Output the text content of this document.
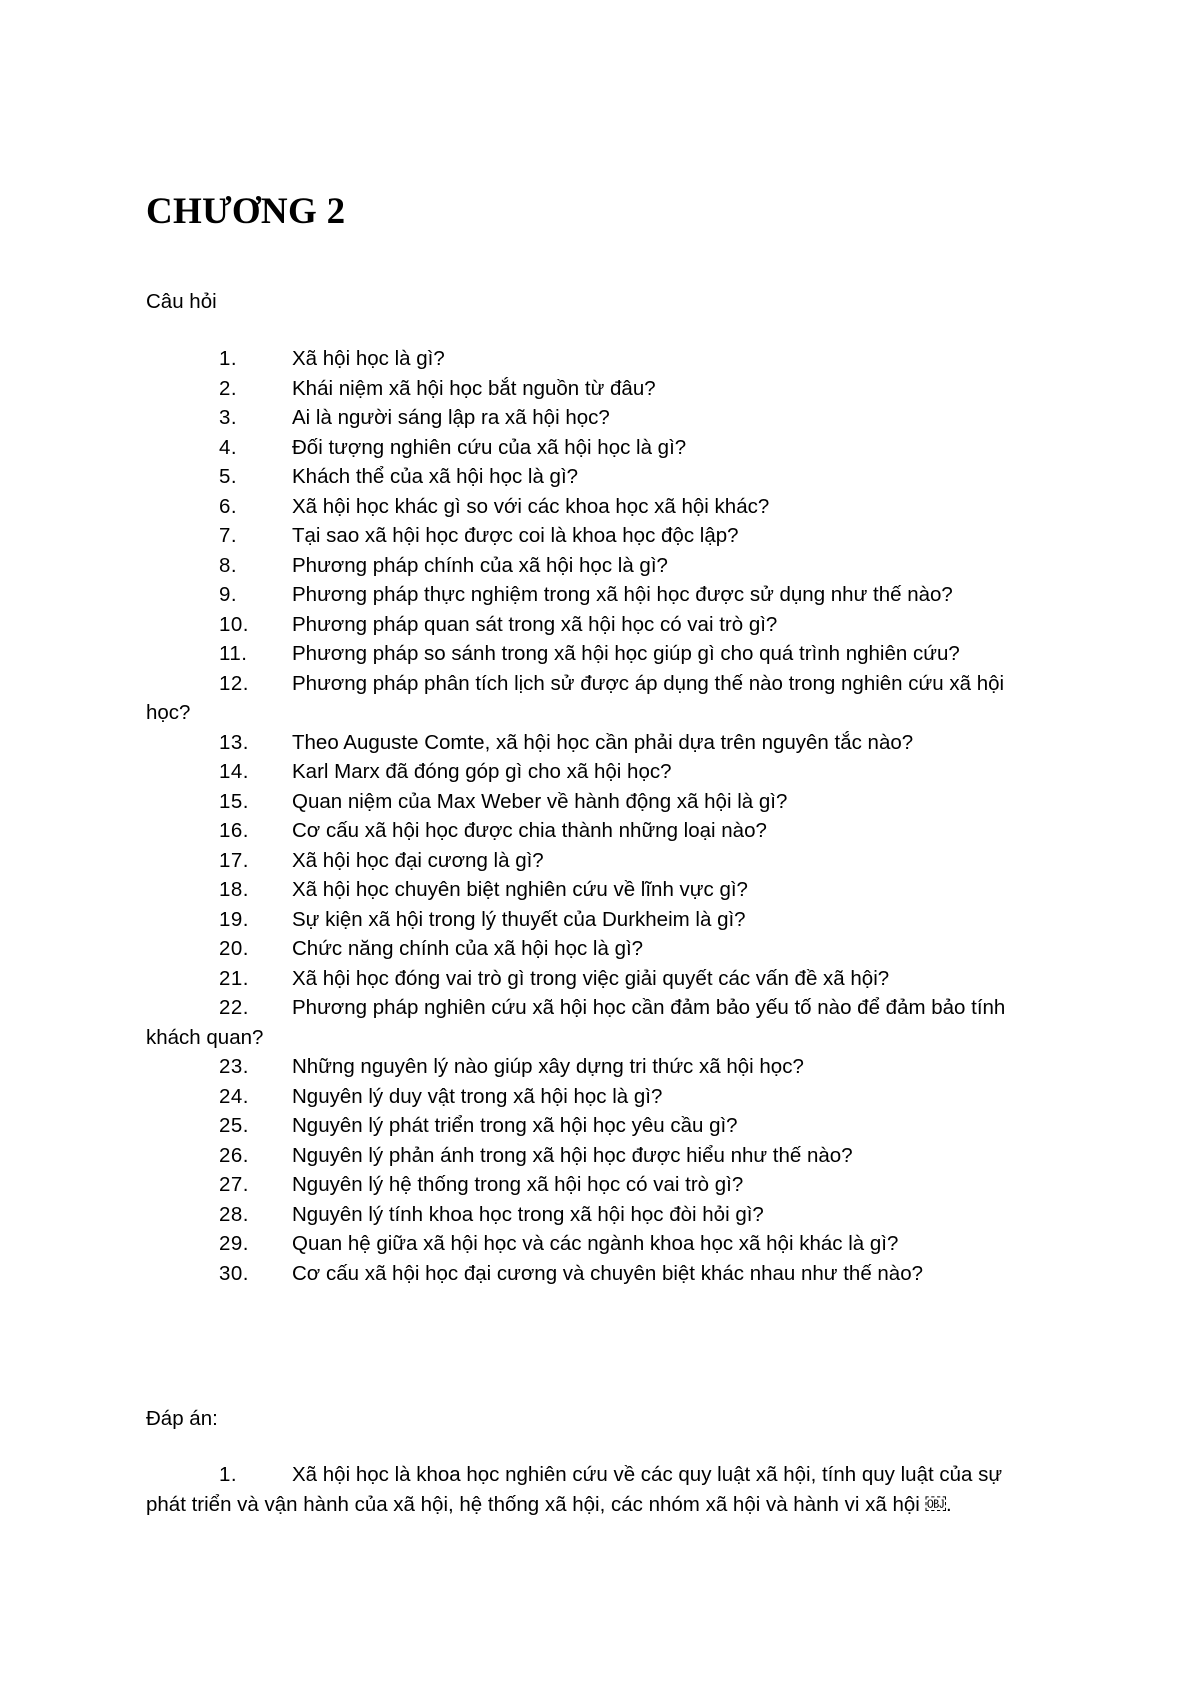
CHƯƠNG 2

Câu hỏi

1.	Xã hội học là gì?
2.	Khái niệm xã hội học bắt nguồn từ đâu?
3.	Ai là người sáng lập ra xã hội học?
4.	Đối tượng nghiên cứu của xã hội học là gì?
5.	Khách thể của xã hội học là gì?
6.	Xã hội học khác gì so với các khoa học xã hội khác?
7.	Tại sao xã hội học được coi là khoa học độc lập?
8.	Phương pháp chính của xã hội học là gì?
9.	Phương pháp thực nghiệm trong xã hội học được sử dụng như thế nào?
10. Phương pháp quan sát trong xã hội học có vai trò gì?
11. Phương pháp so sánh trong xã hội học giúp gì cho quá trình nghiên cứu?
12. Phương pháp phân tích lịch sử được áp dụng thế nào trong nghiên cứu xã hội học?
13. Theo Auguste Comte, xã hội học cần phải dựa trên nguyên tắc nào?
14. Karl Marx đã đóng góp gì cho xã hội học?
15. Quan niệm của Max Weber về hành động xã hội là gì?
16. Cơ cấu xã hội học được chia thành những loại nào?
17. Xã hội học đại cương là gì?
18. Xã hội học chuyên biệt nghiên cứu về lĩnh vực gì?
19. Sự kiện xã hội trong lý thuyết của Durkheim là gì?
20. Chức năng chính của xã hội học là gì?
21. Xã hội học đóng vai trò gì trong việc giải quyết các vấn đề xã hội?
22. Phương pháp nghiên cứu xã hội học cần đảm bảo yếu tố nào để đảm bảo tính khách quan?
23. Những nguyên lý nào giúp xây dựng tri thức xã hội học?
24. Nguyên lý duy vật trong xã hội học là gì?
25. Nguyên lý phát triển trong xã hội học yêu cầu gì?
26. Nguyên lý phản ánh trong xã hội học được hiểu như thế nào?
27. Nguyên lý hệ thống trong xã hội học có vai trò gì?
28. Nguyên lý tính khoa học trong xã hội học đòi hỏi gì?
29. Quan hệ giữa xã hội học và các ngành khoa học xã hội khác là gì?
30. Cơ cấu xã hội học đại cương và chuyên biệt khác nhau như thế nào?

Đáp án:

1.	Xã hội học là khoa học nghiên cứu về các quy luật xã hội, tính quy luật của sự phát triển và vận hành của xã hội, hệ thống xã hội, các nhóm xã hội và hành vi xã hội ￼.
